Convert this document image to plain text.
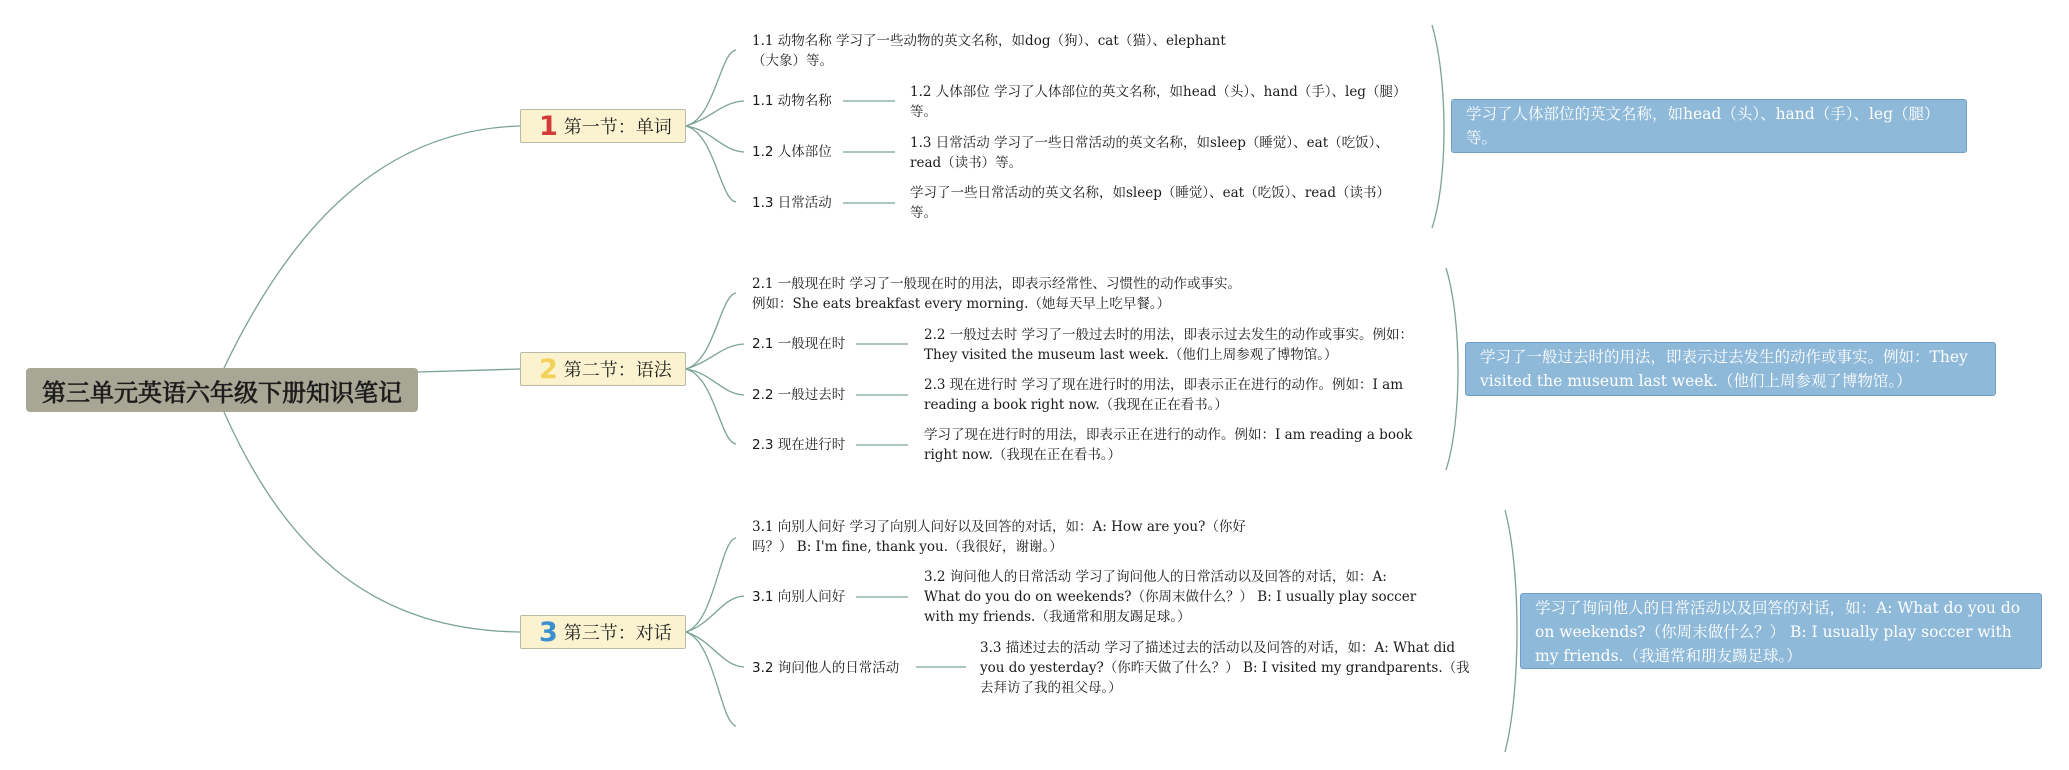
第三单元英语六年级下册知识笔记
1 第一节：单词
1.1 动物名称 学习了一些动物的英文名称，如dog（狗）、cat（猫）、elephant（大象）等。
1.1 动物名称
1.2 人体部位
1.3 日常活动
1.2 人体部位 学习了人体部位的英文名称，如head（头）、hand（手）、leg（腿）等。
1.3 日常活动 学习了一些日常活动的英文名称，如sleep（睡觉）、eat（吃饭）、read（读书）等。
学习了一些日常活动的英文名称，如sleep（睡觉）、eat（吃饭）、read（读书）等。
学习了人体部位的英文名称，如head（头）、hand（手）、leg（腿）等。
2 第二节：语法
2.1 一般现在时 学习了一般现在时的用法，即表示经常性、习惯性的动作或事实。例如：She eats breakfast every morning.（她每天早上吃早餐。）
2.1 一般现在时
2.2 一般过去时
2.3 现在进行时
2.2 一般过去时 学习了一般过去时的用法，即表示过去发生的动作或事实。例如：They visited the museum last week.（他们上周参观了博物馆。）
2.3 现在进行时 学习了现在进行时的用法，即表示正在进行的动作。例如：I am reading a book right now.（我现在正在看书。）
学习了现在进行时的用法，即表示正在进行的动作。例如：I am reading a book right now.（我现在正在看书。）
学习了一般过去时的用法，即表示过去发生的动作或事实。例如：They visited the museum last week.（他们上周参观了博物馆。）
3 第三节：对话
3.1 向别人问好 学习了向别人问好以及回答的对话，如：A: How are you?（你好吗？） B: I'm fine, thank you.（我很好，谢谢。）
3.1 向别人问好
3.2 询问他人的日常活动
3.2 询问他人的日常活动 学习了询问他人的日常活动以及回答的对话，如：A: What do you do on weekends?（你周末做什么？） B: I usually play soccer with my friends.（我通常和朋友踢足球。）
3.3 描述过去的活动 学习了描述过去的活动以及问答的对话，如：A: What did you do yesterday?（你昨天做了什么？） B: I visited my grandparents.（我去拜访了我的祖父母。）
学习了询问他人的日常活动以及回答的对话，如：A: What do you do on weekends?（你周末做什么？） B: I usually play soccer with my friends.（我通常和朋友踢足球。）
